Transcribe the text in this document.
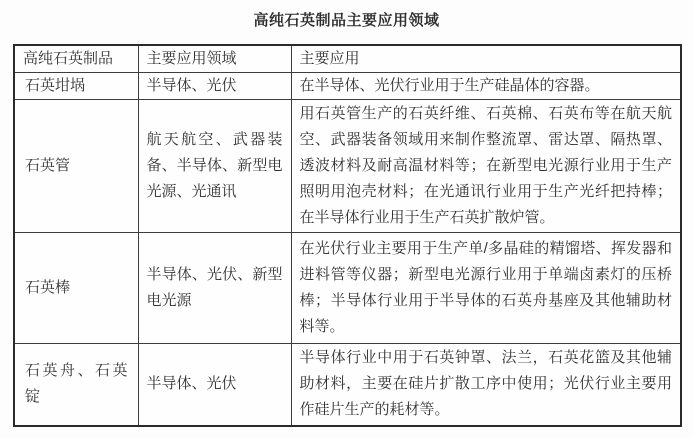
高纯石英制品主要应用领域
高纯石英制品	主要应用领域	主要应用
石英坩埚	半导体、光伏	在半导体、光伏行业用于生产硅晶体的容器。
石英管	航天航空、武器装备、半导体、新型电光源、光通讯	用石英管生产的石英纤维、石英棉、石英布等在航天航空、武器装备领域用来制作整流罩、雷达罩、隔热罩、透波材料及耐高温材料等；在新型电光源行业用于生产照明用泡壳材料；在光通讯行业用于生产光纤把持棒；在半导体行业用于生产石英扩散炉管。
石英棒	半导体、光伏、新型电光源	在光伏行业主要用于生产单/多晶硅的精馏塔、挥发器和进料管等仪器；新型电光源行业用于单端卤素灯的压桥棒；半导体行业用于半导体的石英舟基座及其他辅助材料等。
石英舟、石英锭	半导体、光伏	半导体行业中用于石英钟罩、法兰，石英花篮及其他辅助材料，主要在硅片扩散工序中使用；光伏行业主要用作硅片生产的耗材等。
